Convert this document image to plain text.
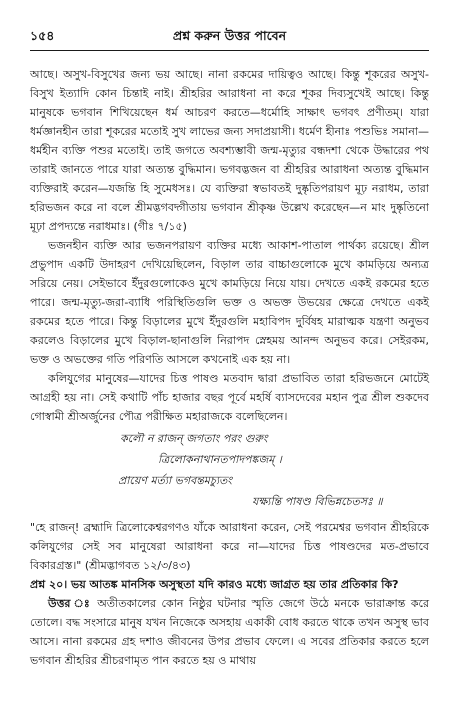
১৫৪	প্রশ্ন করুন উত্তর পাবেন

আছে। অসুখ-বিসুখের জন্য ভয় আছে। নানা রকমের দায়িত্বও আছে। কিন্তু শূকরের অসুখ-বিসুখ ইত্যাদি কোন চিন্তাই নাই। শ্রীহরির আরাধনা না করে শূকর দিব্যসুখেই আছে। কিন্তু মানুষকে ভগবান শিখিয়েছেন ধর্ম আচরণ করতে—ধর্মোহি সাক্ষাৎ ভগবৎ প্রণীতম্। যারা ধর্মজ্ঞানহীন তারা শূকরের মতোই সুখ লাভের জন্য সদাপ্রয়াসী। ধর্মেণ হীনাঃ পশুভিঃ সমানা—ধর্মহীন ব্যক্তি পশুর মতোই। তাই জগতে অবশ্যম্ভাবী জন্ম-মৃত্যুর বন্ধদশা থেকে উদ্ধারের পথ তারাই জানতে পারে যারা অত্যন্ত বুদ্ধিমান। ভগবদ্ভজন বা শ্রীহরির আরাধনা অত্যন্ত বুদ্ধিমান ব্যক্তিরাই করেন—যজন্তি হি সুমেধসঃ। যে ব্যক্তিরা স্বভাবতই দুষ্কৃতিপরায়ণ মূঢ় নরাধম, তারা হরিভজন করে না বলে শ্রীমদ্ভগবদ্গীতায় ভগবান শ্রীকৃষ্ণ উল্লেখ করেছেন—ন মাং দুষ্কৃতিনো মূঢ়া প্রপদ্যন্তে নরাধমাঃ। (গীঃ ৭/১৫)

ভজনহীন ব্যক্তি আর ভজনপরায়ণ ব্যক্তির মধ্যে আকাশ-পাতাল পার্থক্য রয়েছে। শ্রীল প্রভুপাদ একটি উদাহরণ দেখিয়েছিলেন, বিড়াল তার বাচ্চাগুলোকে মুখে কামড়িয়ে অন্যত্র সরিয়ে নেয়। সেইভাবে ইঁদুরগুলোকেও মুখে কামড়িয়ে নিয়ে যায়। দেখতে একই রকমের হতে পারে। জন্ম-মৃত্যু-জরা-ব্যাধি পরিস্থিতিগুলি ভক্ত ও অভক্ত উভয়ের ক্ষেত্রে দেখতে একই রকমের হতে পারে। কিন্তু বিড়ালের মুখে ইঁদুরগুলি মহাবিপদ দুর্বিষহ মারাত্মক যন্ত্রণা অনুভব করলেও বিড়ালের মুখে বিড়াল-ছানাগুলি নিরাপদ স্নেহময় আনন্দ অনুভব করে। সেইরকম, ভক্ত ও অভক্তের গতি পরিণতি আসলে কখনোই এক হয় না।

কলিযুগের মানুষের—যাদের চিত্ত পাষণ্ড মতবাদ দ্বারা প্রভাবিত তারা হরিভজনে মোটেই আগ্রহী হয় না। সেই কথাটি পাঁচ হাজার বছর পূর্বে মহর্ষি ব্যাসদেবের মহান পুত্র শ্রীল শুকদেব গোস্বামী শ্রীঅর্জুনের পৌত্র পরীক্ষিত মহারাজকে বলেছিলেন।

কলৌ ন রাজন্ জগতাং পরং গুরুং
ত্রিলোকনাথানতপাদপঙ্কজম্ ।
প্রায়েণ মর্ত্যা ভগবন্তমচ্যুতং
যক্ষ্যন্তি পাষণ্ড বিভিন্নচেতসঃ ॥

"হে রাজন্! ব্রহ্মাদি ত্রিলোকেশ্বরগণও যাঁকে আরাধনা করেন, সেই পরমেশ্বর ভগবান শ্রীহরিকে কলিযুগের সেই সব মানুষেরা আরাধনা করে না—যাদের চিত্ত পাষণ্ডদের মত-প্রভাবে বিকারগ্রস্ত।" (শ্রীমদ্ভাগবত ১২/৩/৪৩)

প্রশ্ন ২০। ভয় আতঙ্ক মানসিক অসুস্থতা যদি কারও মধ্যে জাগ্রত হয় তার প্রতিকার কি?

উত্তর ঃ অতীতকালের কোন নিষ্ঠুর ঘটনার স্মৃতি জেগে উঠে মনকে ভারাক্রান্ত করে তোলে। বদ্ধ সংসারে মানুষ যখন নিজেকে অসহায় একাকী বোধ করতে থাকে তখন অসুস্থ ভাব আসে। নানা রকমের গ্রহ দশাও জীবনের উপর প্রভাব ফেলে। এ সবের প্রতিকার করতে হলে ভগবান শ্রীহরির শ্রীচরণামৃত পান করতে হয় ও মাথায়
